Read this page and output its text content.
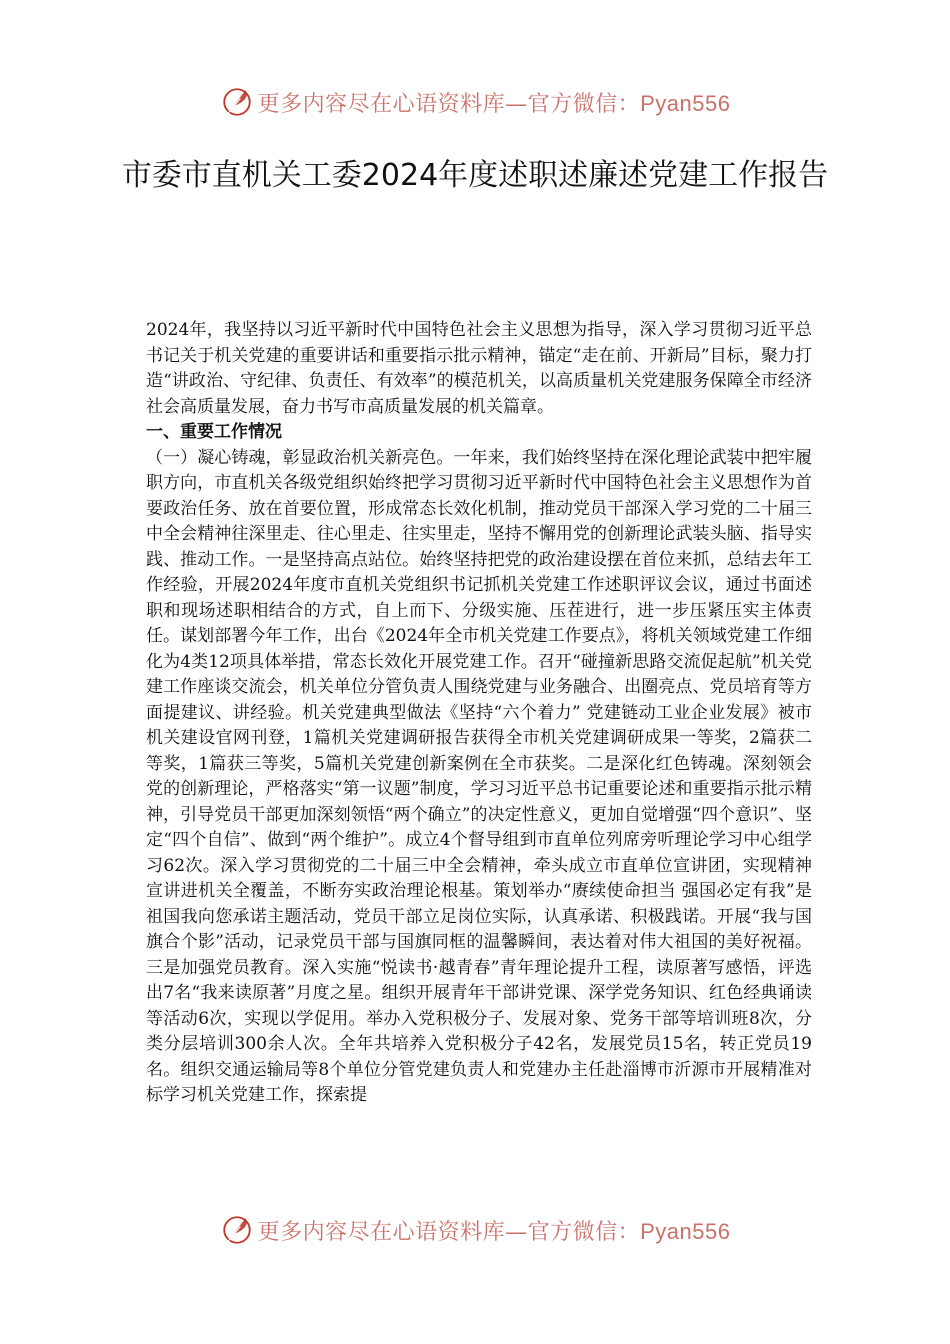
更多内容尽在心语资料库—官方微信：Pyan556
市委市直机关工委2024年度述职述廉述党建工作报告

2024年，我坚持以习近平新时代中国特色社会主义思想为指导，深入学习贯彻习近平总书记关于机关党建的重要讲话和重要指示批示精神，锚定“走在前、开新局”目标，聚力打造“讲政治、守纪律、负责任、有效率”的模范机关，以高质量机关党建服务保障全市经济社会高质量发展，奋力书写市高质量发展的机关篇章。

一、重要工作情况

（一）凝心铸魂，彰显政治机关新亮色。一年来，我们始终坚持在深化理论武装中把牢履职方向，市直机关各级党组织始终把学习贯彻习近平新时代中国特色社会主义思想作为首要政治任务、放在首要位置，形成常态长效化机制，推动党员干部深入学习党的二十届三中全会精神往深里走、往心里走、往实里走，坚持不懈用党的创新理论武装头脑、指导实践、推动工作。一是坚持高点站位。始终坚持把党的政治建设摆在首位来抓，总结去年工作经验，开展2024年度市直机关党组织书记抓机关党建工作述职评议会议，通过书面述职和现场述职相结合的方式，自上而下、分级实施、压茬进行，进一步压紧压实主体责任。谋划部署今年工作，出台《2024年全市机关党建工作要点》，将机关领域党建工作细化为4类12项具体举措，常态长效化开展党建工作。召开“碰撞新思路交流促起航”机关党建工作座谈交流会，机关单位分管负责人围绕党建与业务融合、出圈亮点、党员培育等方面提建议、讲经验。机关党建典型做法《坚持“六个着力” 党建链动工业企业发展》被市机关建设官网刊登，1篇机关党建调研报告获得全市机关党建调研成果一等奖，2篇获二等奖，1篇获三等奖，5篇机关党建创新案例在全市获奖。二是深化红色铸魂。深刻领会党的创新理论，严格落实“第一议题”制度，学习习近平总书记重要论述和重要指示批示精神，引导党员干部更加深刻领悟“两个确立”的决定性意义，更加自觉增强“四个意识”、坚定“四个自信”、做到“两个维护”。成立4个督导组到市直单位列席旁听理论学习中心组学习62次。深入学习贯彻党的二十届三中全会精神，牵头成立市直单位宣讲团，实现精神宣讲进机关全覆盖，不断夯实政治理论根基。策划举办“赓续使命担当 强国必定有我”是祖国我向您承诺主题活动，党员干部立足岗位实际，认真承诺、积极践诺。开展“我与国旗合个影”活动，记录党员干部与国旗同框的温馨瞬间，表达着对伟大祖国的美好祝福。三是加强党员教育。深入实施“悦读书·越青春”青年理论提升工程，读原著写感悟，评选出7名“我来读原著”月度之星。组织开展青年干部讲党课、深学党务知识、红色经典诵读等活动6次，实现以学促用。举办入党积极分子、发展对象、党务干部等培训班8次，分类分层培训300余人次。全年共培养入党积极分子42名，发展党员15名，转正党员19名。组织交通运输局等8个单位分管党建负责人和党建办主任赴淄博市沂源市开展精准对标学习机关党建工作，探索提

更多内容尽在心语资料库—官方微信：Pyan556
